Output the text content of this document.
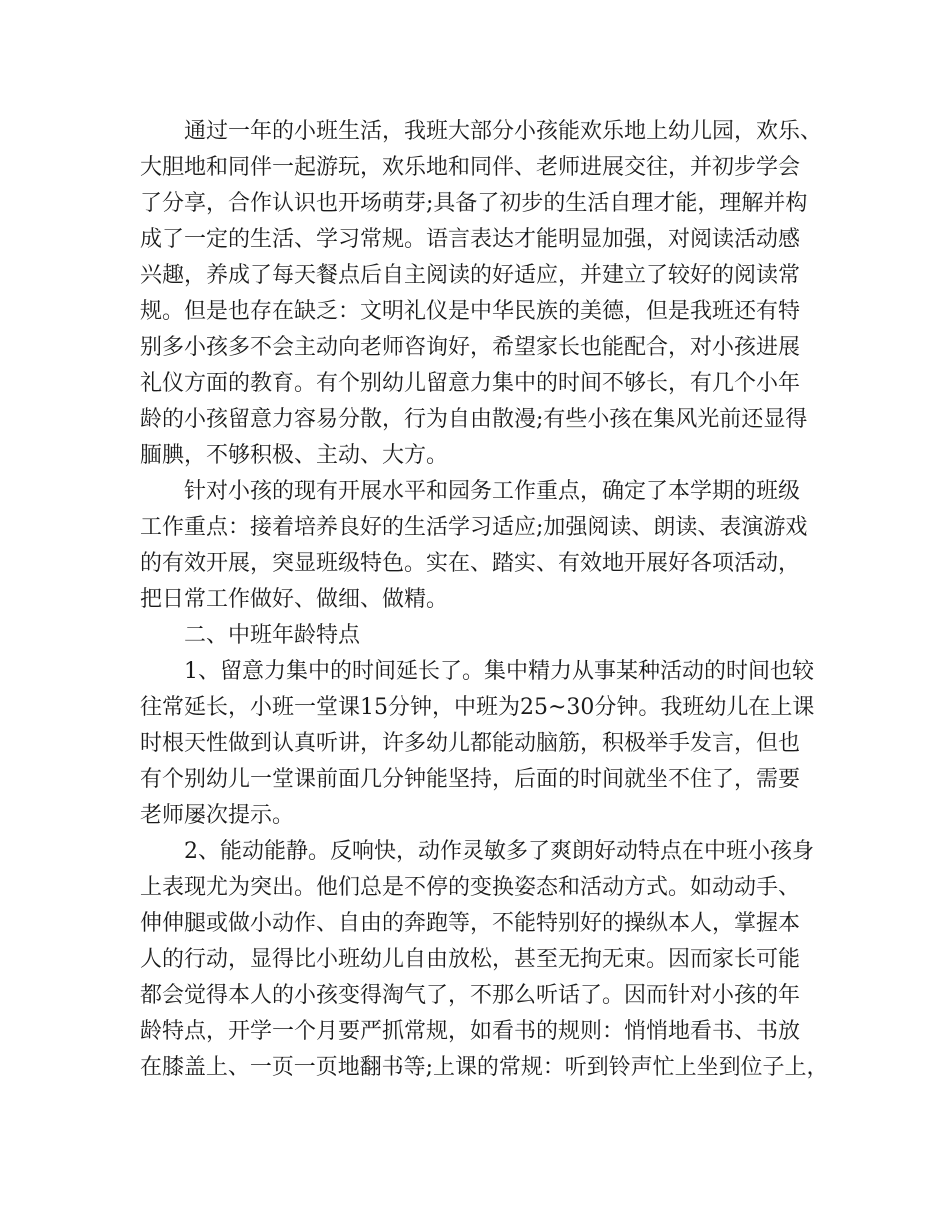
通过一年的小班生活，我班大部分小孩能欢乐地上幼儿园，欢乐、

大胆地和同伴一起游玩，欢乐地和同伴、老师进展交往，并初步学会

了分享，合作认识也开场萌芽;具备了初步的生活自理才能，理解并构

成了一定的生活、学习常规。语言表达才能明显加强，对阅读活动感

兴趣，养成了每天餐点后自主阅读的好适应，并建立了较好的阅读常

规。但是也存在缺乏：文明礼仪是中华民族的美德，但是我班还有特

别多小孩多不会主动向老师咨询好，希望家长也能配合，对小孩进展

礼仪方面的教育。有个别幼儿留意力集中的时间不够长，有几个小年

龄的小孩留意力容易分散，行为自由散漫;有些小孩在集风光前还显得

腼腆，不够积极、主动、大方。

针对小孩的现有开展水平和园务工作重点，确定了本学期的班级

工作重点：接着培养良好的生活学习适应;加强阅读、朗读、表演游戏

的有效开展，突显班级特色。实在、踏实、有效地开展好各项活动，

把日常工作做好、做细、做精。

二、中班年龄特点

1、留意力集中的时间延长了。集中精力从事某种活动的时间也较

往常延长，小班一堂课15分钟，中班为25~30分钟。我班幼儿在上课

时根天性做到认真听讲，许多幼儿都能动脑筋，积极举手发言，但也

有个别幼儿一堂课前面几分钟能坚持，后面的时间就坐不住了，需要

老师屡次提示。

2、能动能静。反响快，动作灵敏多了爽朗好动特点在中班小孩身

上表现尤为突出。他们总是不停的变换姿态和活动方式。如动动手、

伸伸腿或做小动作、自由的奔跑等，不能特别好的操纵本人，掌握本

人的行动，显得比小班幼儿自由放松，甚至无拘无束。因而家长可能

都会觉得本人的小孩变得淘气了，不那么听话了。因而针对小孩的年

龄特点，开学一个月要严抓常规，如看书的规则：悄悄地看书、书放

在膝盖上、一页一页地翻书等;上课的常规：听到铃声忙上坐到位子上，
